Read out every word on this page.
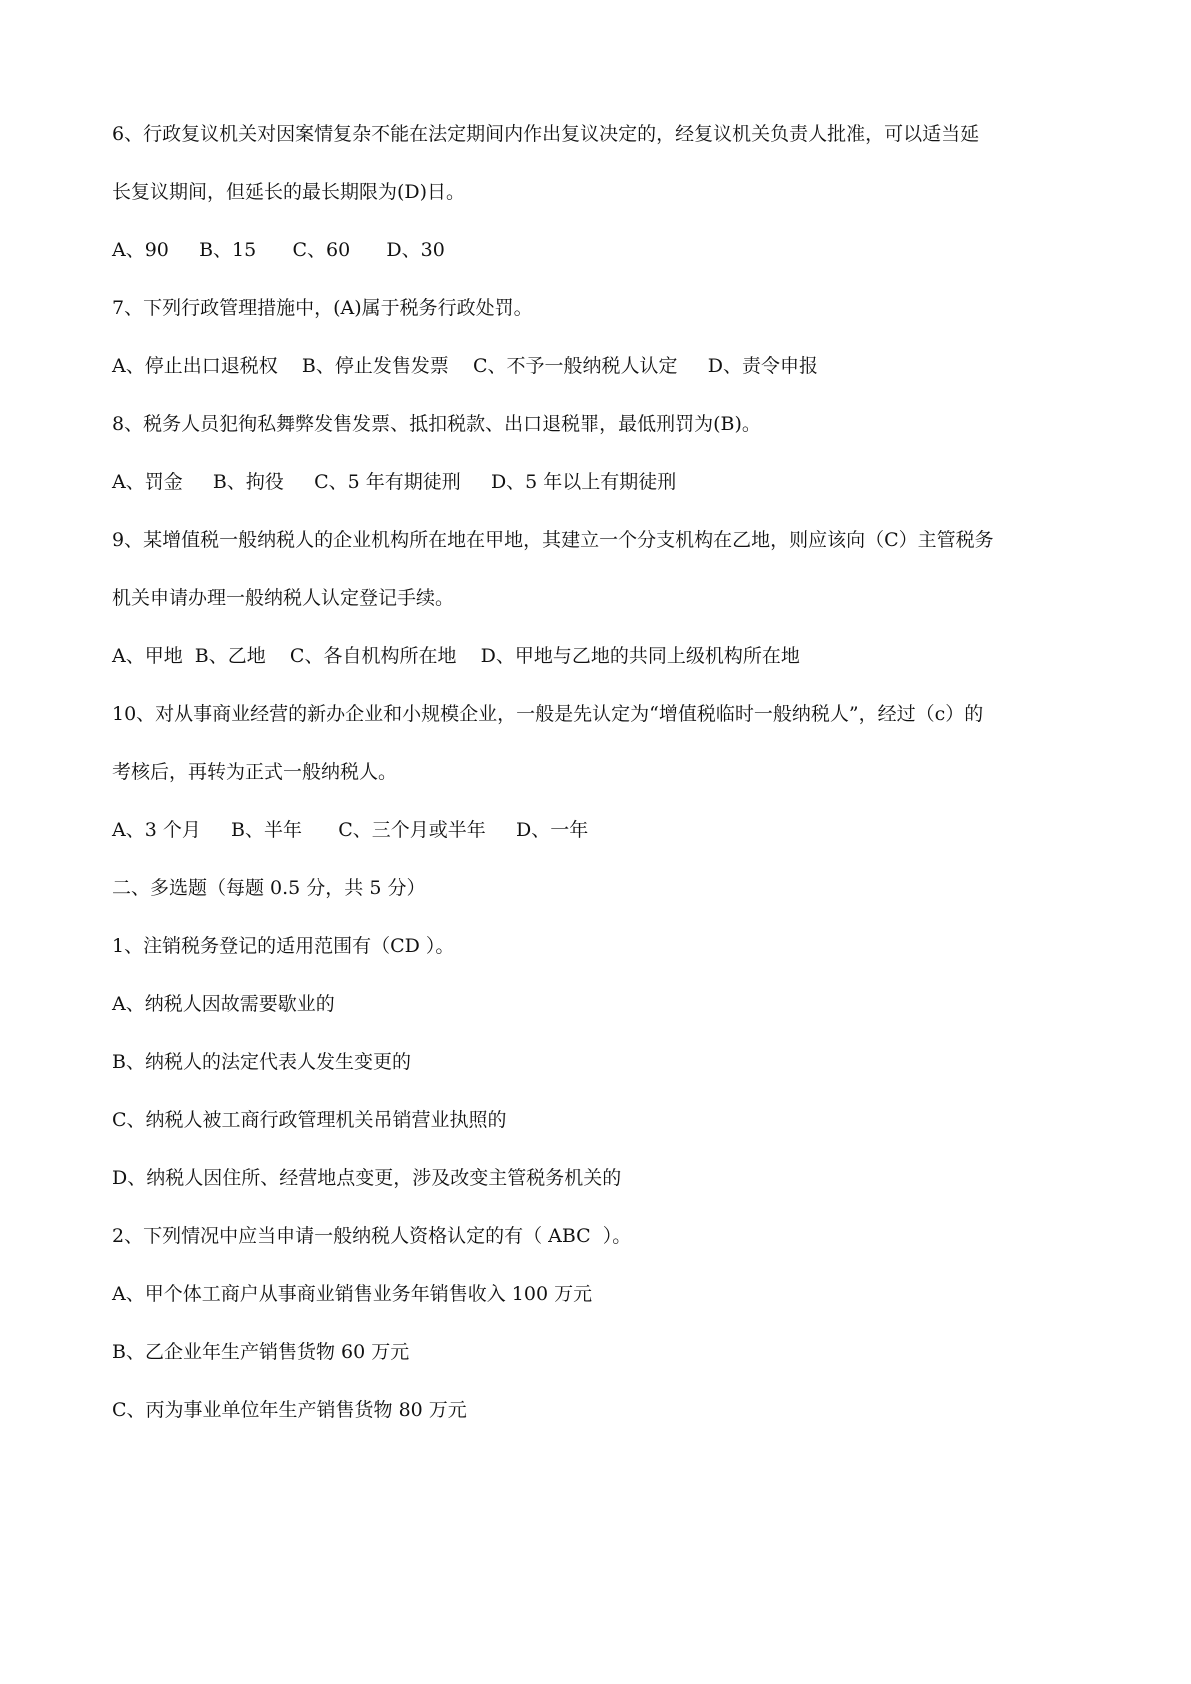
6、行政复议机关对因案情复杂不能在法定期间内作出复议决定的，经复议机关负责人批准，可以适当延
长复议期间，但延长的最长期限为(D)日。
A、90     B、15      C、60      D、30
7、下列行政管理措施中，(A)属于税务行政处罚。
A、停止出口退税权    B、停止发售发票    C、不予一般纳税人认定     D、责令申报
8、税务人员犯徇私舞弊发售发票、抵扣税款、出口退税罪，最低刑罚为(B)。
A、罚金     B、拘役     C、5 年有期徒刑     D、5 年以上有期徒刑
9、某增值税一般纳税人的企业机构所在地在甲地，其建立一个分支机构在乙地，则应该向（C）主管税务
机关申请办理一般纳税人认定登记手续。
A、甲地  B、乙地    C、各自机构所在地    D、甲地与乙地的共同上级机构所在地
10、对从事商业经营的新办企业和小规模企业，一般是先认定为“增值税临时一般纳税人”，经过（c）的
考核后，再转为正式一般纳税人。
A、3 个月     B、半年      C、三个月或半年     D、一年
二、多选题（每题 0.5 分，共 5 分）
1、注销税务登记的适用范围有（CD ）。
A、纳税人因故需要歇业的
B、纳税人的法定代表人发生变更的
C、纳税人被工商行政管理机关吊销营业执照的
D、纳税人因住所、经营地点变更，涉及改变主管税务机关的
2、下列情况中应当申请一般纳税人资格认定的有（ ABC  ）。
A、甲个体工商户从事商业销售业务年销售收入 100 万元
B、乙企业年生产销售货物 60 万元
C、丙为事业单位年生产销售货物 80 万元
